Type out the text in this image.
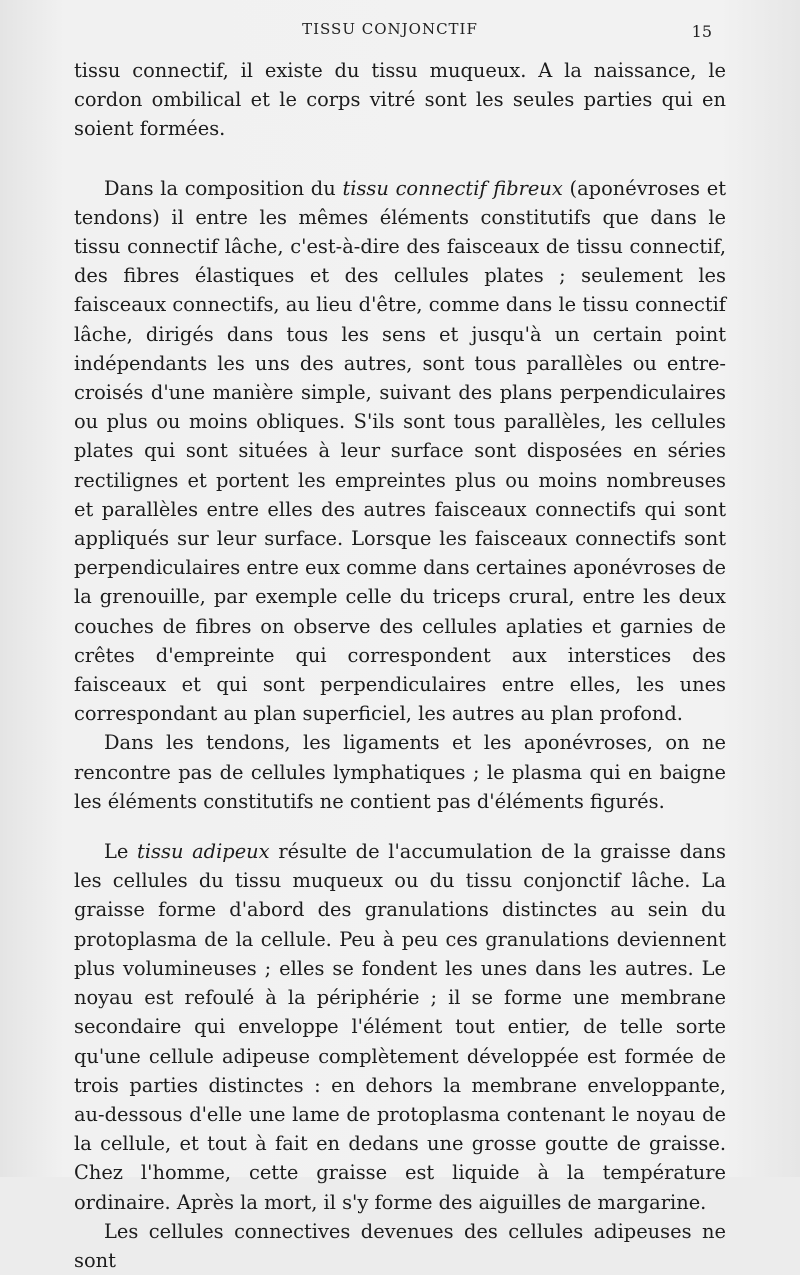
TISSU CONJONCTIF	15

tissu connectif, il existe du tissu muqueux. A la naissance, le cordon ombilical et le corps vitré sont les seules parties qui en soient formées.

Dans la composition du tissu connectif fibreux (aponévroses et tendons) il entre les mêmes éléments constitutifs que dans le tissu connectif lâche, c'est-à-dire des faisceaux de tissu connectif, des fibres élastiques et des cellules plates ; seulement les faisceaux connectifs, au lieu d'être, comme dans le tissu connectif lâche, dirigés dans tous les sens et jusqu'à un certain point indépendants les uns des autres, sont tous parallèles ou entre-croisés d'une manière simple, suivant des plans perpendiculaires ou plus ou moins obliques. S'ils sont tous parallèles, les cellules plates qui sont situées à leur surface sont disposées en séries rectilignes et portent les empreintes plus ou moins nombreuses et parallèles entre elles des autres faisceaux connectifs qui sont appliqués sur leur surface. Lorsque les faisceaux connectifs sont perpendiculaires entre eux comme dans certaines aponévroses de la grenouille, par exemple celle du triceps crural, entre les deux couches de fibres on observe des cellules aplaties et garnies de crêtes d'empreinte qui correspondent aux interstices des faisceaux et qui sont perpendiculaires entre elles, les unes correspondant au plan superficiel, les autres au plan profond.

Dans les tendons, les ligaments et les aponévroses, on ne rencontre pas de cellules lymphatiques ; le plasma qui en baigne les éléments constitutifs ne contient pas d'éléments figurés.

Le tissu adipeux résulte de l'accumulation de la graisse dans les cellules du tissu muqueux ou du tissu conjonctif lâche. La graisse forme d'abord des granulations distinctes au sein du protoplasma de la cellule. Peu à peu ces granulations deviennent plus volumineuses ; elles se fondent les unes dans les autres. Le noyau est refoulé à la périphérie ; il se forme une membrane secondaire qui enveloppe l'élément tout entier, de telle sorte qu'une cellule adipeuse complètement développée est formée de trois parties distinctes : en dehors la membrane enveloppante, au-dessous d'elle une lame de protoplasma contenant le noyau de la cellule, et tout à fait en dedans une grosse goutte de graisse. Chez l'homme, cette graisse est liquide à la température ordinaire. Après la mort, il s'y forme des aiguilles de margarine.

Les cellules connectives devenues des cellules adipeuses ne sont
